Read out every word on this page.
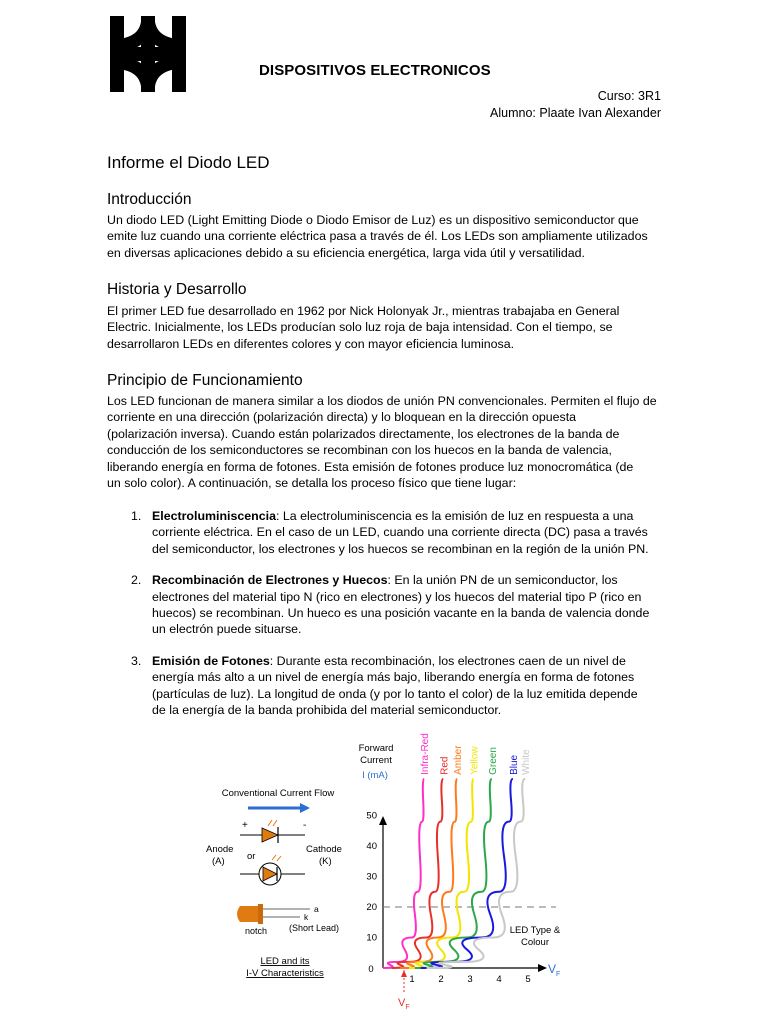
DISPOSITIVOS ELECTRONICOS
Curso: 3R1
Alumno: Plaate Ivan Alexander
Informe el Diodo LED
Introducción
Un diodo LED (Light Emitting Diode o Diodo Emisor de Luz) es un dispositivo semiconductor que
emite luz cuando una corriente eléctrica pasa a través de él. Los LEDs son ampliamente utilizados
en diversas aplicaciones debido a su eficiencia energética, larga vida útil y versatilidad.
Historia y Desarrollo
El primer LED fue desarrollado en 1962 por Nick Holonyak Jr., mientras trabajaba en General
Electric. Inicialmente, los LEDs producían solo luz roja de baja intensidad. Con el tiempo, se
desarrollaron LEDs en diferentes colores y con mayor eficiencia luminosa.
Principio de Funcionamiento
Los LED funcionan de manera similar a los diodos de unión PN convencionales. Permiten el flujo de
corriente en una dirección (polarización directa) y lo bloquean en la dirección opuesta
(polarización inversa). Cuando están polarizados directamente, los electrones de la banda de
conducción de los semiconductores se recombinan con los huecos en la banda de valencia,
liberando energía en forma de fotones. Esta emisión de fotones produce luz monocromática (de
un solo color). A continuación, se detalla los proceso físico que tiene lugar:
1. Electroluminiscencia: La electroluminiscencia es la emisión de luz en respuesta a una
corriente eléctrica. En el caso de un LED, cuando una corriente directa (DC) pasa a través
del semiconductor, los electrones y los huecos se recombinan en la región de la unión PN.
2. Recombinación de Electrones y Huecos: En la unión PN de un semiconductor, los
electrones del material tipo N (rico en electrones) y los huecos del material tipo P (rico en
huecos) se recombinan. Un hueco es una posición vacante en la banda de valencia donde
un electrón puede situarse.
3. Emisión de Fotones: Durante esta recombinación, los electrones caen de un nivel de
energía más alto a un nivel de energía más bajo, liberando energía en forma de fotones
(partículas de luz). La longitud de onda (y por lo tanto el color) de la luz emitida depende
de la energía de la banda prohibida del material semiconductor.
Conventional Current Flow
+	-
Anode
(A) or
Cathode
(K)
a
k
notch (Short Lead)
LED and its
I-V Characteristics
Forward
Current
I (mA)
$V_F$
10
20
30
40
50
0
1 2 3 4 5
Infra-Red Red Amber Yellow Green Blue White
$V_F$
LED Type &
Colour
